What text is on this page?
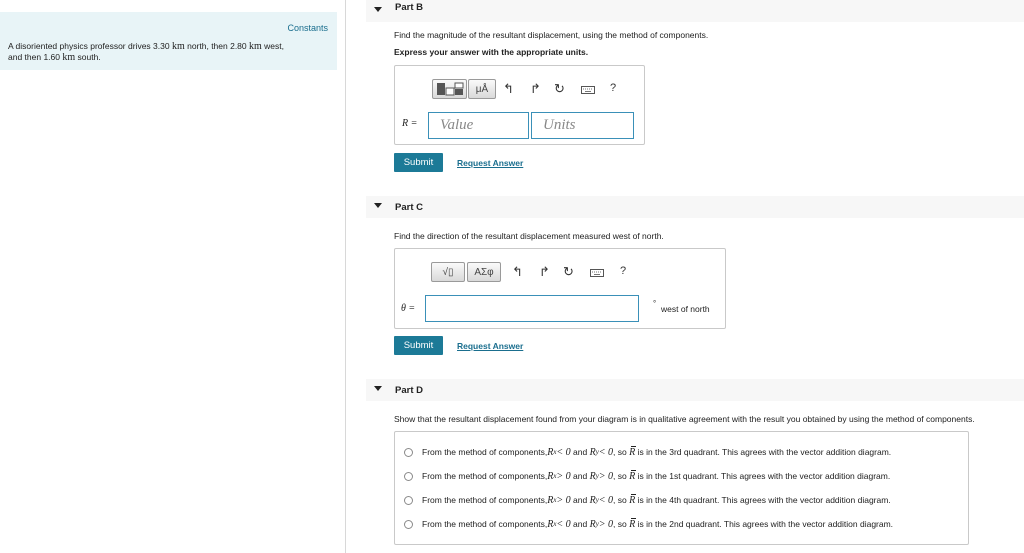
Constants
A disoriented physics professor drives 3.30 km north, then 2.80 km west,
and then 1.60 km south.
Part B
Find the magnitude of the resultant displacement, using the method of components.
Express your answer with the appropriate units.
μÅ ↰ ↱ ↻	?
R =	Value	Units
Submit	Request Answer
Part C
Find the direction of the resultant displacement measured west of north.
√▯ ΑΣφ ↰ ↱ ↻	?
θ =	°
west of north
Submit	Request Answer
Part D
Show that the resultant displacement found from your diagram is in qualitative agreement with the result you obtained by using the method of components.
From the method of components, R x < 0 and R y < 0 , so R is in the 3rd quadrant. This agrees with the vector addition diagram.
From the method of components, R x > 0 and R y > 0 , so R is in the 1st quadrant. This agrees with the vector addition diagram.
From the method of components, R x > 0 and R y < 0 , so R is in the 4th quadrant. This agrees with the vector addition diagram.
From the method of components, R x < 0 and R y > 0 , so R is in the 2nd quadrant. This agrees with the vector addition diagram.
